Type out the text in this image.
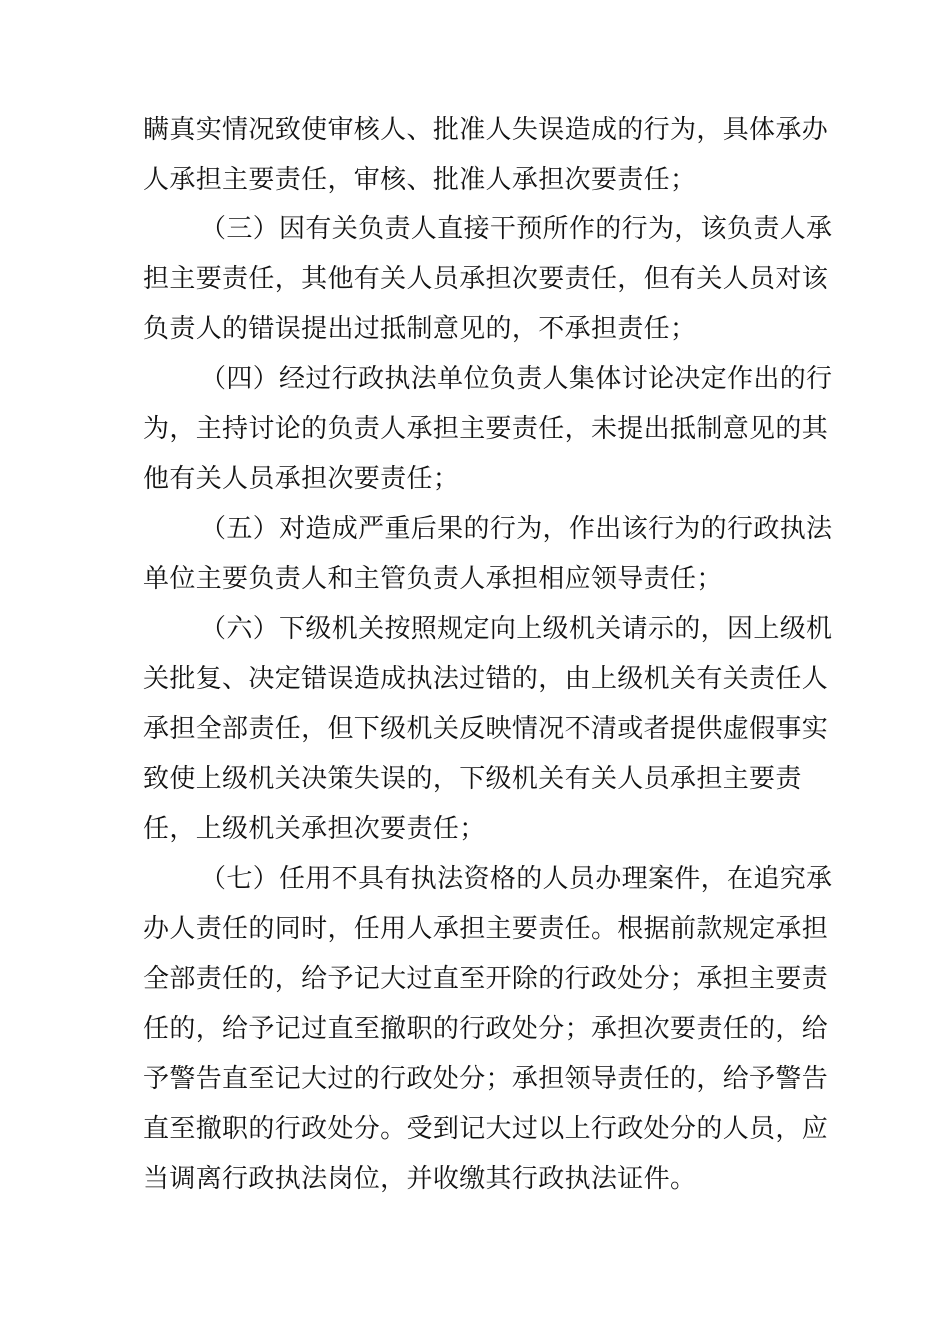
瞒真实情况致使审核人、批准人失误造成的行为，具体承办
人承担主要责任，审核、批准人承担次要责任；
（三）因有关负责人直接干预所作的行为，该负责人承
担主要责任，其他有关人员承担次要责任，但有关人员对该
负责人的错误提出过抵制意见的，不承担责任；
（四）经过行政执法单位负责人集体讨论决定作出的行
为，主持讨论的负责人承担主要责任，未提出抵制意见的其
他有关人员承担次要责任；
（五）对造成严重后果的行为，作出该行为的行政执法
单位主要负责人和主管负责人承担相应领导责任；
（六）下级机关按照规定向上级机关请示的，因上级机
关批复、决定错误造成执法过错的，由上级机关有关责任人
承担全部责任，但下级机关反映情况不清或者提供虚假事实
致使上级机关决策失误的，下级机关有关人员承担主要责
任，上级机关承担次要责任；
（七）任用不具有执法资格的人员办理案件，在追究承
办人责任的同时，任用人承担主要责任。根据前款规定承担
全部责任的，给予记大过直至开除的行政处分；承担主要责
任的，给予记过直至撤职的行政处分；承担次要责任的，给
予警告直至记大过的行政处分；承担领导责任的，给予警告
直至撤职的行政处分。受到记大过以上行政处分的人员，应
当调离行政执法岗位，并收缴其行政执法证件。
